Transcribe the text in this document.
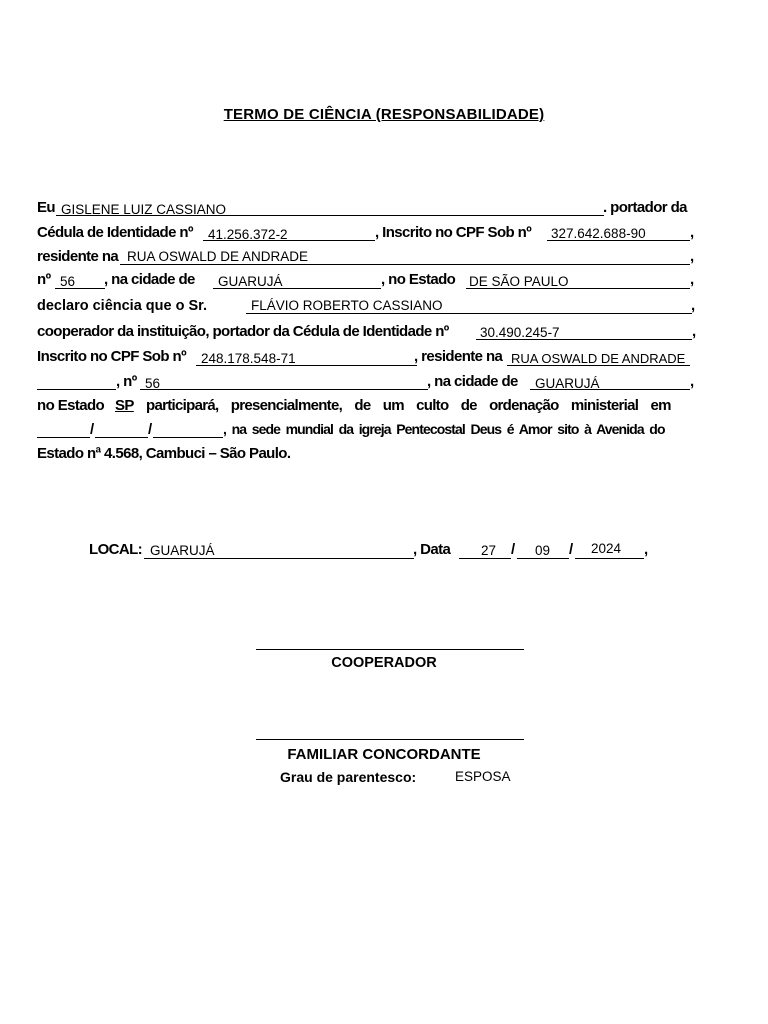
TERMO DE CIÊNCIA (RESPONSABILIDADE)
Eu GISLENE LUIZ CASSIANO	. portador da
Cédula de Identidade nº 41.256.372-2	, Inscrito no CPF Sob nº 327.642.688-90	,
residente na RUA OSWALD DE ANDRADE	,
nº 56 , na cidade de GUARUJÁ	, no Estado DE SÃO PAULO	,
declaro ciência que o Sr.	FLÁVIO ROBERTO CASSIANO	,
cooperador da instituição, portador da Cédula de Identidade nº 30.490.245-7	,
Inscrito no CPF Sob nº 248.178.548-71	, residente na RUA OSWALD DE ANDRADE
, nº 56	, na cidade de GUARUJÁ	,
no Estado SP participará, presencialmente, de um culto de ordenação ministerial em
/	/	, na sede mundial da igreja Pentecostal Deus é Amor sito à Avenida do
Estado nª 4.568, Cambuci – São Paulo.
LOCAL: GUARUJÁ	, Data 27 / 09 / 2024 ,
COOPERADOR
FAMILIAR CONCORDANTE
Grau de parentesco:	ESPOSA
